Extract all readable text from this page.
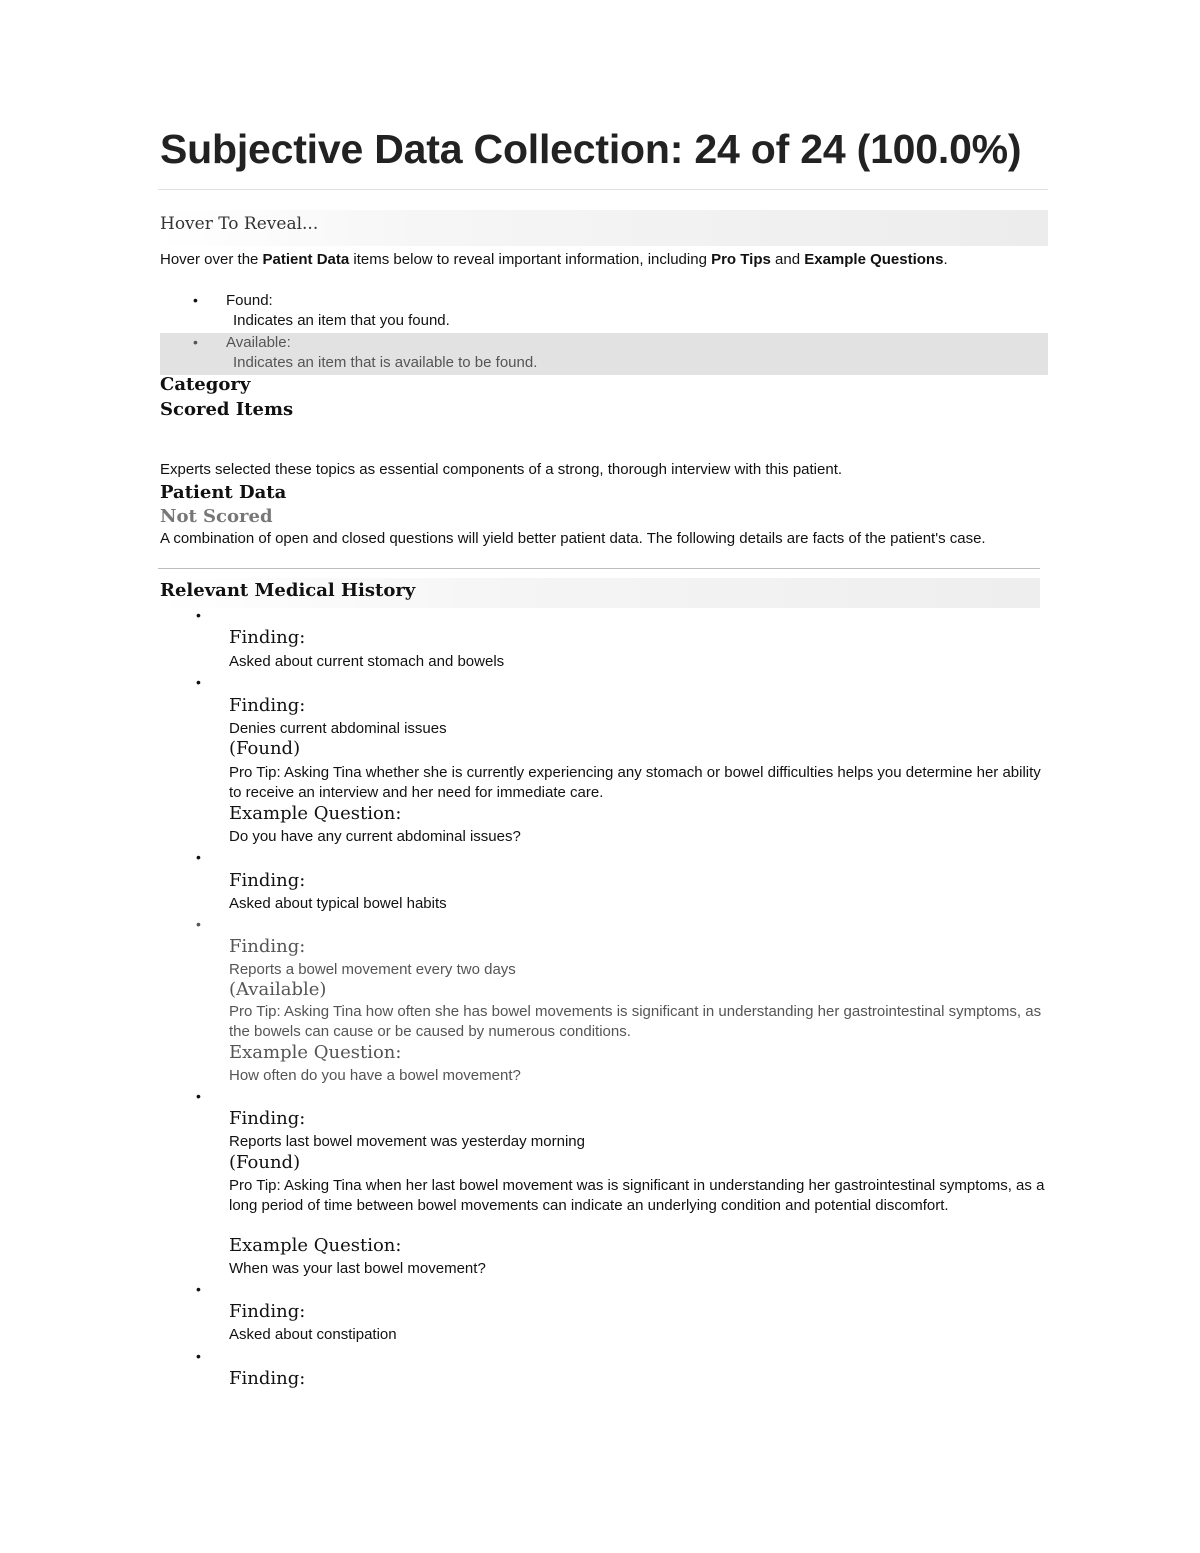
Subjective Data Collection: 24 of 24 (100.0%)
Hover To Reveal...
Hover over the Patient Data items below to reveal important information, including Pro Tips and Example Questions.
• Found:
Indicates an item that you found.
• Available:
Indicates an item that is available to be found.
Category
Scored Items
Experts selected these topics as essential components of a strong, thorough interview with this patient.
Patient Data
Not Scored
A combination of open and closed questions will yield better patient data. The following details are facts of the patient's case.
Relevant Medical History
•
Finding:
Asked about current stomach and bowels
•
Finding:
Denies current abdominal issues
(Found)
Pro Tip: Asking Tina whether she is currently experiencing any stomach or bowel difficulties helps you determine her ability to receive an interview and her need for immediate care.
Example Question:
Do you have any current abdominal issues?
•
Finding:
Asked about typical bowel habits
•
Finding:
Reports a bowel movement every two days
(Available)
Pro Tip: Asking Tina how often she has bowel movements is significant in understanding her gastrointestinal symptoms, as the bowels can cause or be caused by numerous conditions.
Example Question:
How often do you have a bowel movement?
•
Finding:
Reports last bowel movement was yesterday morning
(Found)
Pro Tip: Asking Tina when her last bowel movement was is significant in understanding her gastrointestinal symptoms, as a long period of time between bowel movements can indicate an underlying condition and potential discomfort.
Example Question:
When was your last bowel movement?
•
Finding:
Asked about constipation
•
Finding:
